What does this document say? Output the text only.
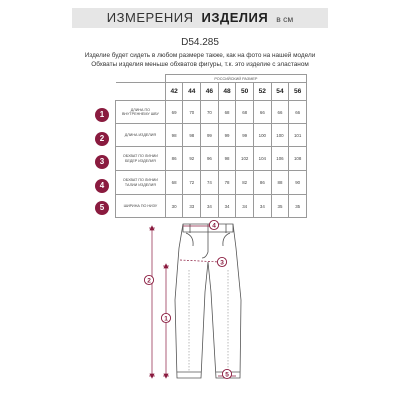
ИЗМЕРЕНИЯ ИЗДЕЛИЯ в см
D54.285
Изделие будет сидеть в любом размере также, как на фото на нашей модели
Обхваты изделия меньше обхватов фигуры, т.к. это изделие с эластаном
1
2
3
4
5
	РОССИЙСКИЙ РАЗМЕР							
	42	44	46	48	50	52	54	56
ДЛИНА ПО ВНУТРЕННЕМУ ШВУ	69	70	70	68	68	66	66	66
ДЛИНА ИЗДЕЛИЯ	98	98	99	99	99	100	100	101
ОБХВАТ ПО ЛИНИИ БЕДЕР ИЗДЕЛИЯ	86	92	96	98	102	104	106	108
ОБХВАТ ПО ЛИНИИ ТАЛИИ ИЗДЕЛИЯ	68	72	74	78	82	86	88	90
ШИРИНА ПО НИЗУ	30	33	34	34	34	34	35	35
4
3
2
1
5
